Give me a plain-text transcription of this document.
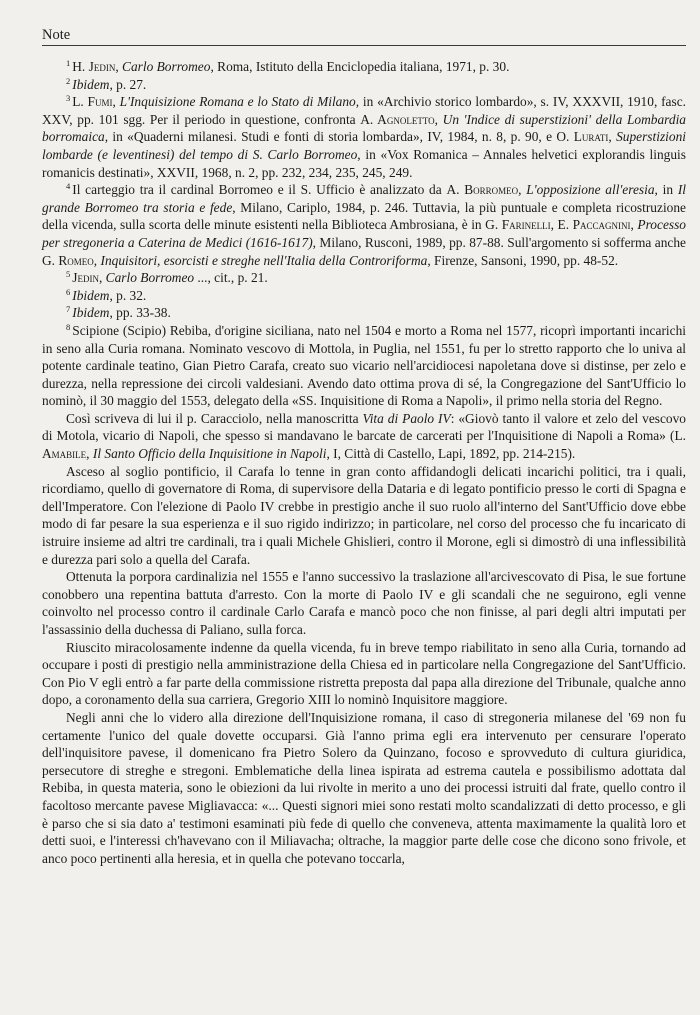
Note

$^1$ H. Jedin, Carlo Borromeo, Roma, Istituto della Enciclopedia italiana, 1971, p. 30.

$^2$ Ibidem, p. 27.

$^3$ L. Fumi, L'Inquisizione Romana e lo Stato di Milano, in «Archivio storico lombardo», s. IV, XXXVII, 1910, fasc. XXV, pp. 101 sgg. Per il periodo in questione, confronta A. Agnoletto, Un 'Indice di superstizioni' della Lombardia borromaica, in «Quaderni milanesi. Studi e fonti di storia lombarda», IV, 1984, n. 8, p. 90, e O. Lurati, Superstizioni lombarde (e leventinesi) del tempo di S. Carlo Borromeo, in «Vox Romanica – Annales helvetici explorandis linguis romanicis destinati», XXVII, 1968, n. 2, pp. 232, 234, 235, 245, 249.

$^4$ Il carteggio tra il cardinal Borromeo e il S. Ufficio è analizzato da A. Borromeo, L'opposizione all'eresia, in Il grande Borromeo tra storia e fede, Milano, Cariplo, 1984, p. 246. Tuttavia, la più puntuale e completa ricostruzione della vicenda, sulla scorta delle minute esistenti nella Biblioteca Ambrosiana, è in G. Farinelli, E. Paccagnini, Processo per stregoneria a Caterina de Medici (1616-1617), Milano, Rusconi, 1989, pp. 87-88. Sull'argomento si sofferma anche G. Romeo, Inquisitori, esorcisti e streghe nell'Italia della Controriforma, Firenze, Sansoni, 1990, pp. 48-52.

$^5$ Jedin, Carlo Borromeo ..., cit., p. 21.

$^6$ Ibidem, p. 32.

$^7$ Ibidem, pp. 33-38.

$^8$ Scipione (Scipio) Rebiba, d'origine siciliana, nato nel 1504 e morto a Roma nel 1577, ricoprì importanti incarichi in seno alla Curia romana. Nominato vescovo di Mottola, in Puglia, nel 1551, fu per lo stretto rapporto che lo univa al potente cardinale teatino, Gian Pietro Carafa, creato suo vicario nell'arcidiocesi napoletana dove si distinse, per zelo e durezza, nella repressione dei circoli valdesiani. Avendo dato ottima prova di sé, la Congregazione del Sant'Ufficio lo nominò, il 30 maggio del 1553, delegato della «SS. Inquisitione di Roma a Napoli», il primo nella storia del Regno.

Così scriveva di lui il p. Caracciolo, nella manoscritta Vita di Paolo IV: «Giovò tanto il valore et zelo del vescovo di Motola, vicario di Napoli, che spesso si mandavano le barcate de carcerati per l'Inquisitione di Napoli a Roma» (L. Amabile, Il Santo Officio della Inquisitione in Napoli, I, Città di Castello, Lapi, 1892, pp. 214-215).

Asceso al soglio pontificio, il Carafa lo tenne in gran conto affidandogli delicati incarichi politici, tra i quali, ricordiamo, quello di governatore di Roma, di supervisore della Dataria e di legato pontificio presso le corti di Spagna e dell'Imperatore. Con l'elezione di Paolo IV crebbe in prestigio anche il suo ruolo all'interno del Sant'Ufficio dove ebbe modo di far pesare la sua esperienza e il suo rigido indirizzo; in particolare, nel corso del processo che fu incaricato di istruire insieme ad altri tre cardinali, tra i quali Michele Ghislieri, contro il Morone, egli si dimostrò di una inflessibilità e durezza pari solo a quella del Carafa.

Ottenuta la porpora cardinalizia nel 1555 e l'anno successivo la traslazione all'arcivescovato di Pisa, le sue fortune conobbero una repentina battuta d'arresto. Con la morte di Paolo IV e gli scandali che ne seguirono, egli venne coinvolto nel processo contro il cardinale Carlo Carafa e mancò poco che non finisse, al pari degli altri imputati per l'assassinio della duchessa di Paliano, sulla forca.

Riuscito miracolosamente indenne da quella vicenda, fu in breve tempo riabilitato in seno alla Curia, tornando ad occupare i posti di prestigio nella amministrazione della Chiesa ed in particolare nella Congregazione del Sant'Ufficio. Con Pio V egli entrò a far parte della commissione ristretta preposta dal papa alla direzione del Tribunale, qualche anno dopo, a coronamento della sua carriera, Gregorio XIII lo nominò Inquisitore maggiore.

Negli anni che lo videro alla direzione dell'Inquisizione romana, il caso di stregoneria milanese del '69 non fu certamente l'unico del quale dovette occuparsi. Già l'anno prima egli era intervenuto per censurare l'operato dell'inquisitore pavese, il domenicano fra Pietro Solero da Quinzano, focoso e sprovveduto di cultura giuridica, persecutore di streghe e stregoni. Emblematiche della linea ispirata ad estrema cautela e possibilismo adottata dal Rebiba, in questa materia, sono le obiezioni da lui rivolte in merito a uno dei processi istruiti dal frate, quello contro il facoltoso mercante pavese Migliavacca: «... Questi signori miei sono restati molto scandalizzati di detto processo, e gli è parso che si sia dato a' testimoni esaminati più fede di quello che conveneva, attenta maximamente la qualità loro et detti suoi, e l'interessi ch'havevano con il Miliavacha; oltrache, la maggior parte delle cose che dicono sono frivole, et anco poco pertinenti alla heresia, et in quella che potevano toccarla,
